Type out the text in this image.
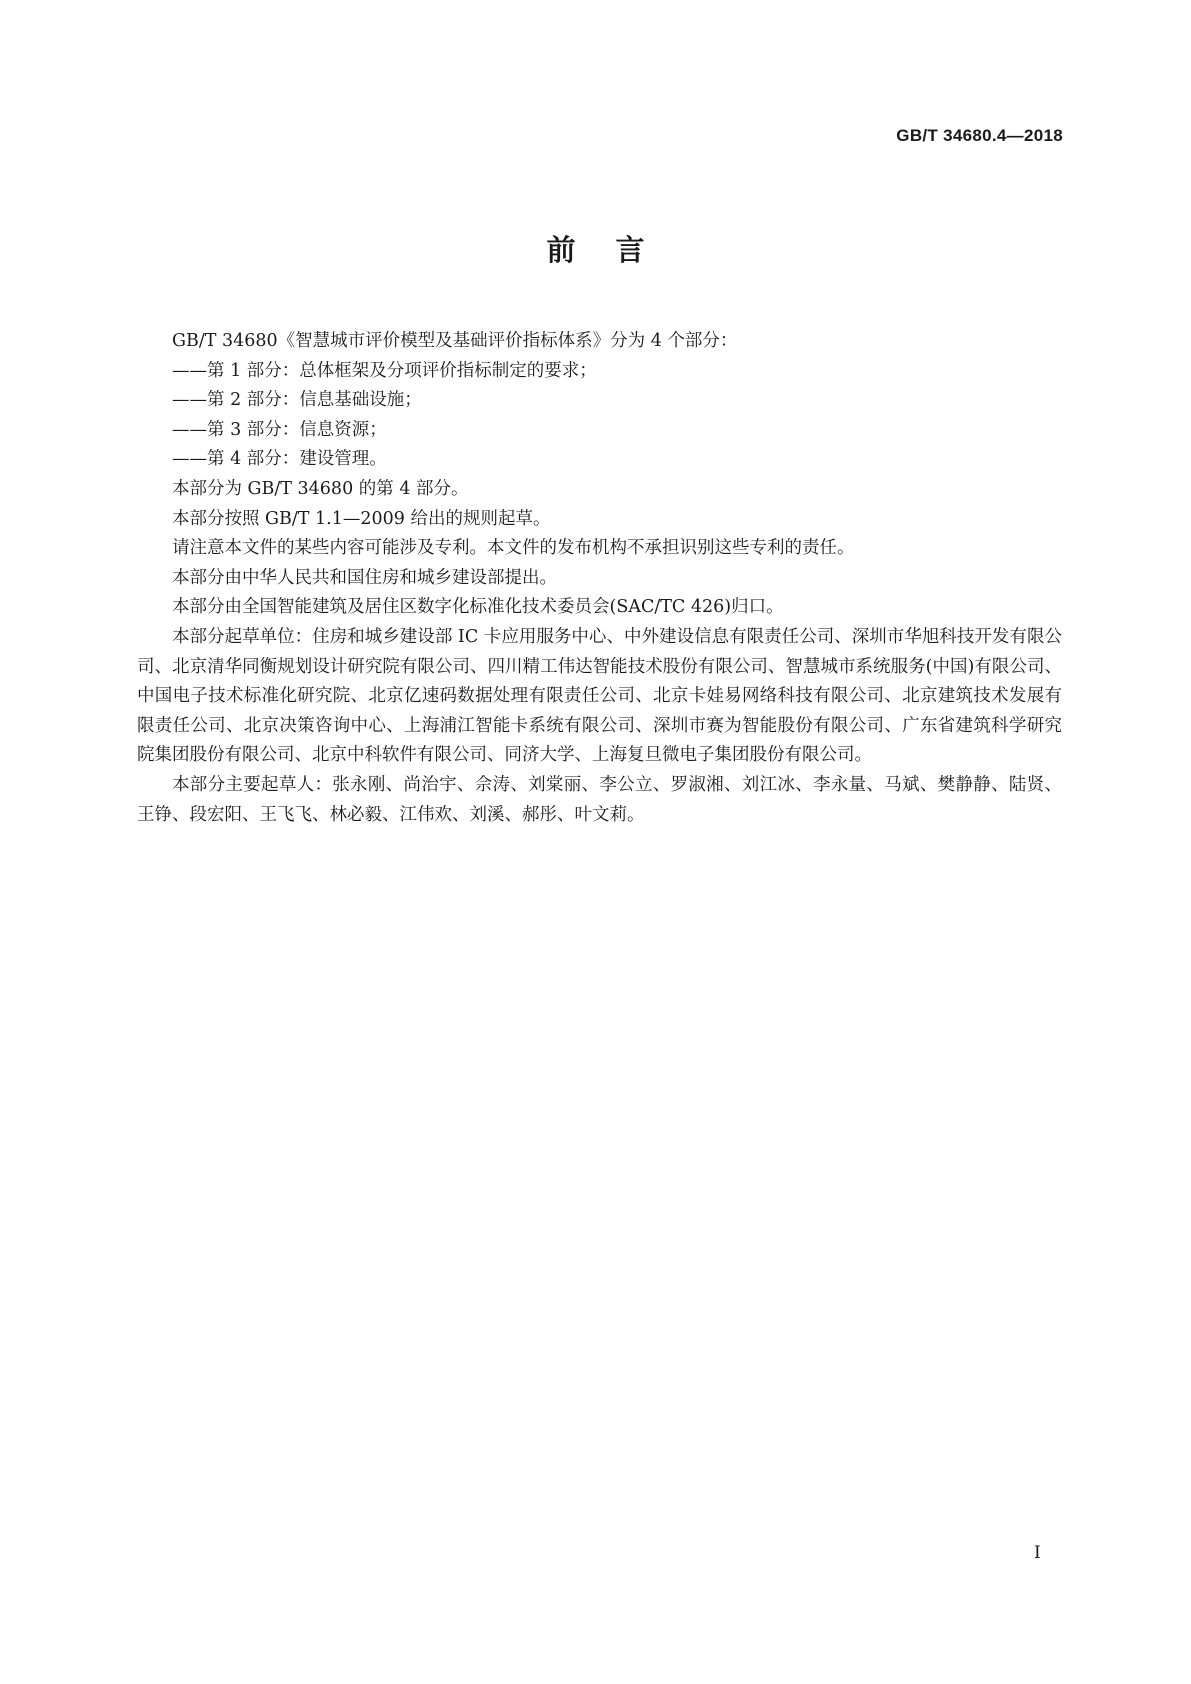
GB/T 34680.4—2018
前言

GB/T 34680《智慧城市评价模型及基础评价指标体系》分为 4 个部分：

——第 1 部分：总体框架及分项评价指标制定的要求；

——第 2 部分：信息基础设施；

——第 3 部分：信息资源；

——第 4 部分：建设管理。

本部分为 GB/T 34680 的第 4 部分。

本部分按照 GB/T 1.1—2009 给出的规则起草。

请注意本文件的某些内容可能涉及专利。本文件的发布机构不承担识别这些专利的责任。

本部分由中华人民共和国住房和城乡建设部提出。

本部分由全国智能建筑及居住区数字化标准化技术委员会(SAC/TC 426)归口。

本部分起草单位：住房和城乡建设部 IC 卡应用服务中心、中外建设信息有限责任公司、深圳市华旭科技开发有限公司、北京清华同衡规划设计研究院有限公司、四川精工伟达智能技术股份有限公司、智慧城市系统服务(中国)有限公司、中国电子技术标准化研究院、北京亿速码数据处理有限责任公司、北京卡娃易网络科技有限公司、北京建筑技术发展有限责任公司、北京决策咨询中心、上海浦江智能卡系统有限公司、深圳市赛为智能股份有限公司、广东省建筑科学研究院集团股份有限公司、北京中科软件有限公司、同济大学、上海复旦微电子集团股份有限公司。

本部分主要起草人：张永刚、尚治宇、佘涛、刘棠丽、李公立、罗淑湘、刘江冰、李永量、马斌、樊静静、陆贤、王铮、段宏阳、王飞飞、林必毅、江伟欢、刘溪、郝彤、叶文莉。

I
